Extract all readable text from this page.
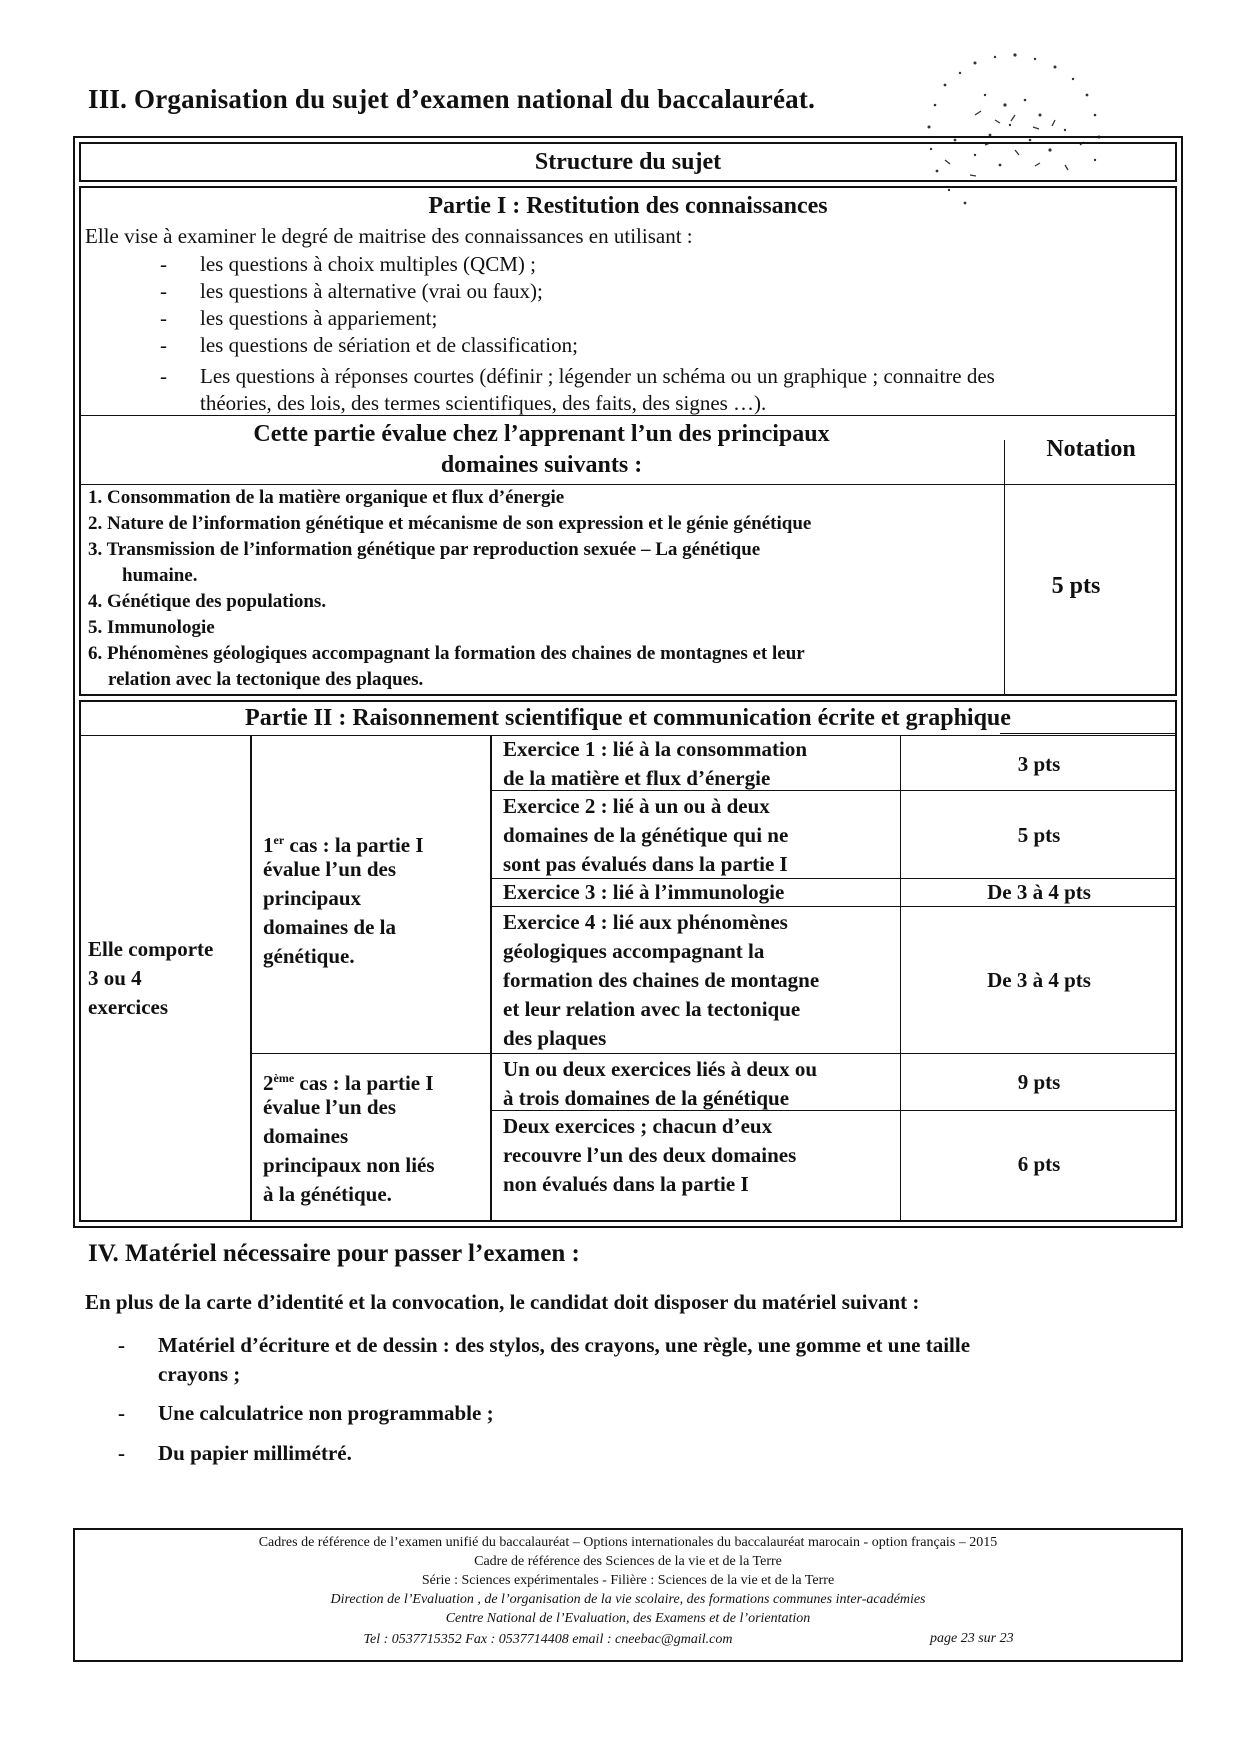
III. Organisation du sujet d’examen national du baccalauréat.
Structure du sujet
Partie I : Restitution des connaissances
Elle vise à examiner le degré de maitrise des connaissances en utilisant :
- les questions à choix multiples (QCM) ;
- les questions à alternative (vrai ou faux);
- les questions à appariement;
- les questions de sériation et de classification;
- Les questions à réponses courtes (définir ; légender un schéma ou un graphique ; connaitre des
théories, des lois, des termes scientifiques, des faits, des signes …).
Cette partie évalue chez l’apprenant l’un des principaux
domaines suivants :
Notation
1. Consommation de la matière organique et flux d’énergie
2. Nature de l’information génétique et mécanisme de son expression et le génie génétique
3. Transmission de l’information génétique par reproduction sexuée – La génétique
humaine.
4. Génétique des populations.
5. Immunologie
6. Phénomènes géologiques accompagnant la formation des chaines de montagnes et leur
relation avec la tectonique des plaques.
5 pts
Partie II : Raisonnement scientifique et communication écrite et graphique
Elle comporte
3 ou 4
exercices
1er cas : la partie I
évalue l’un des
principaux
domaines de la
génétique.
2ème cas : la partie I
évalue l’un des
domaines
principaux non liés
à la génétique.
Exercice 1 : lié à la consommation
de la matière et flux d’énergie
3 pts
Exercice 2 : lié à un ou à deux
domaines de la génétique qui ne
sont pas évalués dans la partie I
5 pts
Exercice 3 : lié à l’immunologie	De 3 à 4 pts
Exercice 4 : lié aux phénomènes
géologiques accompagnant la
formation des chaines de montagne
et leur relation avec la tectonique
des plaques
De 3 à 4 pts
Un ou deux exercices liés à deux ou
à trois domaines de la génétique
9 pts
Deux exercices ; chacun d’eux
recouvre l’un des deux domaines
non évalués dans la partie I
6 pts
IV. Matériel nécessaire pour passer l’examen :
En plus de la carte d’identité et la convocation, le candidat doit disposer du matériel suivant :
- Matériel d’écriture et de dessin : des stylos, des crayons, une règle, une gomme et une taille
crayons ;
- Une calculatrice non programmable ;
- Du papier millimétré.
Cadres de référence de l’examen unifié du baccalauréat – Options internationales du baccalauréat marocain - option français – 2015
Cadre de référence des Sciences de la vie et de la Terre
Série : Sciences expérimentales - Filière : Sciences de la vie et de la Terre
Direction de l’Evaluation , de l’organisation de la vie scolaire, des formations communes inter-académies
Centre National de l’Evaluation, des Examens et de l’orientation
Tel : 0537715352 Fax : 0537714408 email : cneebac@gmail.com	page 23 sur 23
